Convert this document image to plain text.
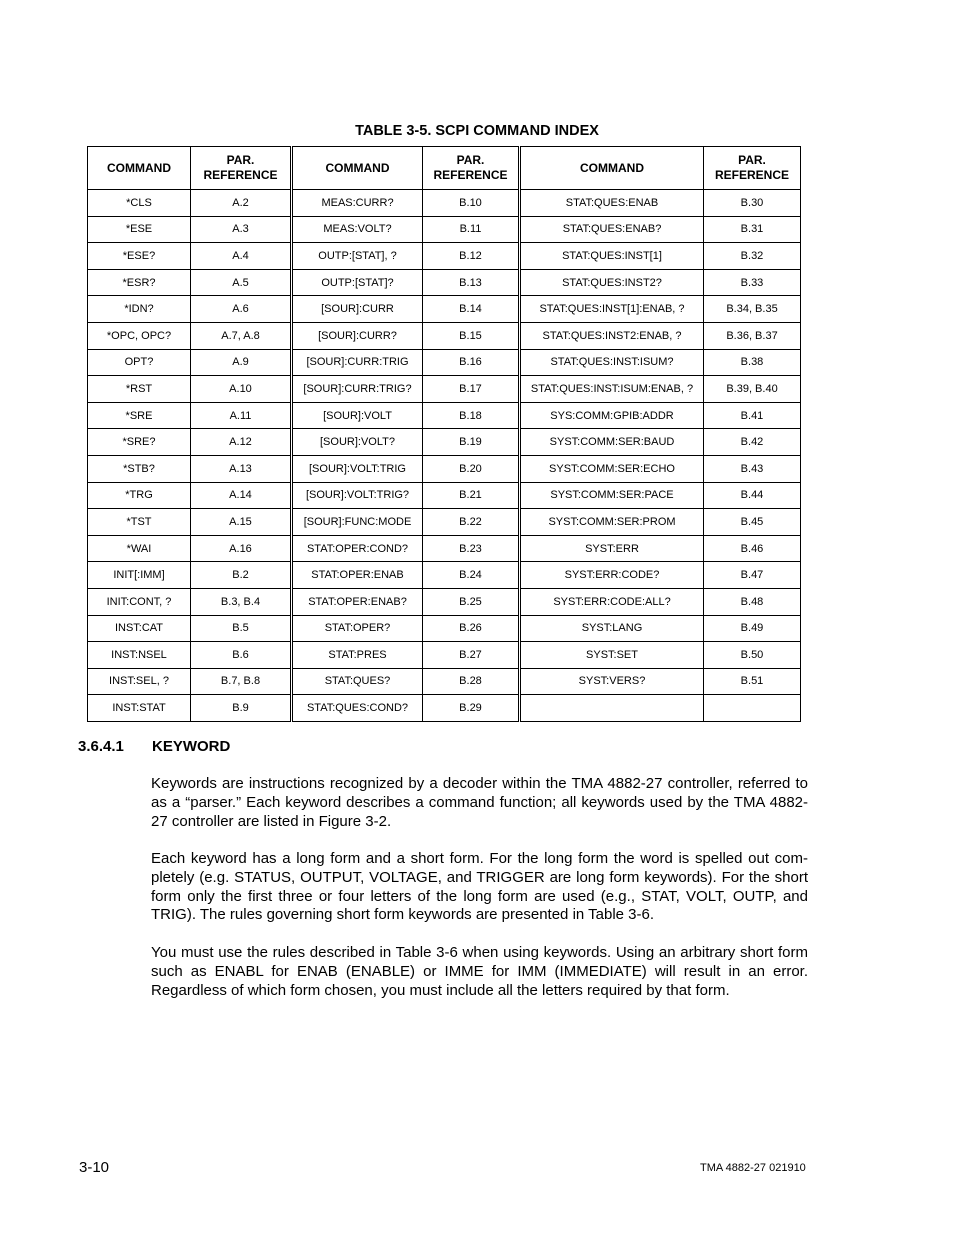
TABLE 3-5. SCPI COMMAND INDEX
COMMAND	PAR. REFERENCE	COMMAND	PAR. REFERENCE	COMMAND	PAR. REFERENCE
*CLS	A.2	MEAS:CURR?	B.10	STAT:QUES:ENAB	B.30
*ESE	A.3	MEAS:VOLT?	B.11	STAT:QUES:ENAB?	B.31
*ESE?	A.4	OUTP:[STAT], ?	B.12	STAT:QUES:INST[1]	B.32
*ESR?	A.5	OUTP:[STAT]?	B.13	STAT:QUES:INST2?	B.33
*IDN?	A.6	[SOUR]:CURR	B.14	STAT:QUES:INST[1]:ENAB, ?	B.34, B.35
*OPC, OPC?	A.7, A.8	[SOUR]:CURR?	B.15	STAT:QUES:INST2:ENAB, ?	B.36, B.37
OPT?	A.9	[SOUR]:CURR:TRIG	B.16	STAT:QUES:INST:ISUM?	B.38
*RST	A.10	[SOUR]:CURR:TRIG?	B.17	STAT:QUES:INST:ISUM:ENAB, ?	B.39, B.40
*SRE	A.11	[SOUR]:VOLT	B.18	SYS:COMM:GPIB:ADDR	B.41
*SRE?	A.12	[SOUR]:VOLT?	B.19	SYST:COMM:SER:BAUD	B.42
*STB?	A.13	[SOUR]:VOLT:TRIG	B.20	SYST:COMM:SER:ECHO	B.43
*TRG	A.14	[SOUR]:VOLT:TRIG?	B.21	SYST:COMM:SER:PACE	B.44
*TST	A.15	[SOUR]:FUNC:MODE	B.22	SYST:COMM:SER:PROM	B.45
*WAI	A.16	STAT:OPER:COND?	B.23	SYST:ERR	B.46
INIT[:IMM]	B.2	STAT:OPER:ENAB	B.24	SYST:ERR:CODE?	B.47
INIT:CONT, ?	B.3, B.4	STAT:OPER:ENAB?	B.25	SYST:ERR:CODE:ALL?	B.48
INST:CAT	B.5	STAT:OPER?	B.26	SYST:LANG	B.49
INST:NSEL	B.6	STAT:PRES	B.27	SYST:SET	B.50
INST:SEL, ?	B.7, B.8	STAT:QUES?	B.28	SYST:VERS?	B.51
INST:STAT	B.9	STAT:QUES:COND?	B.29		
3.6.4.1 KEYWORD

Keywords are instructions recognized by a decoder within the TMA 4882-27 controller, referred to as a “parser.” Each keyword describes a command function; all keywords used by the TMA 4882-27 controller are listed in Figure 3-2.

Each keyword has a long form and a short form. For the long form the word is spelled out com-pletely (e.g. STATUS, OUTPUT, VOLTAGE, and TRIGGER are long form keywords). For the short form only the first three or four letters of the long form are used (e.g., STAT, VOLT, OUTP, and TRIG). The rules governing short form keywords are presented in Table 3-6.

You must use the rules described in Table 3-6 when using keywords. Using an arbitrary short form such as ENABL for ENAB (ENABLE) or IMME for IMM (IMMEDIATE) will result in an error. Regardless of which form chosen, you must include all the letters required by that form.

3-10	TMA 4882-27 021910
